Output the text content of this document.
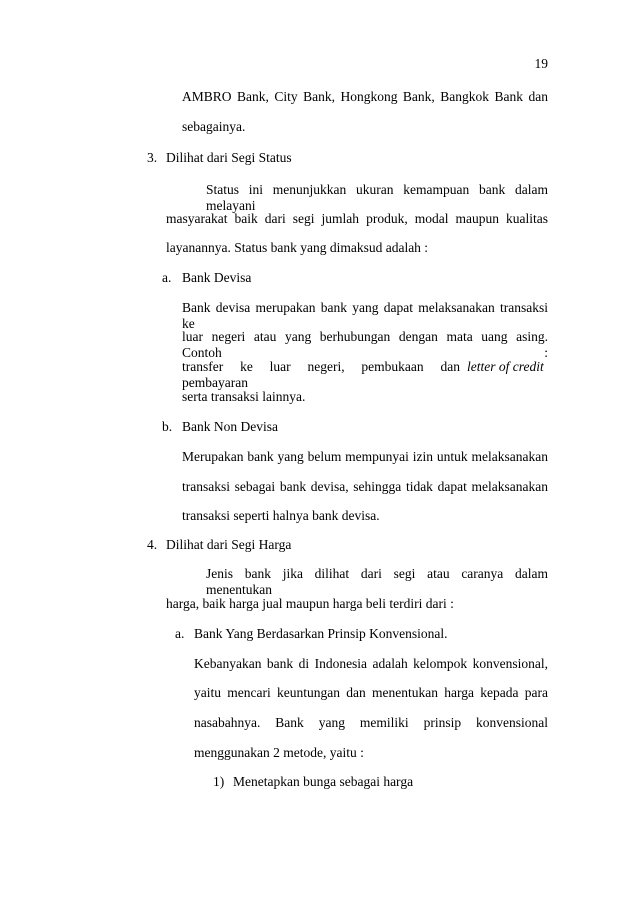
19
AMBRO Bank, City Bank, Hongkong Bank, Bangkok Bank dan
sebagainya.
3. Dilihat dari Segi Status
Status ini menunjukkan ukuran kemampuan bank dalam melayani
masyarakat baik dari segi jumlah produk, modal maupun kualitas
layanannya. Status bank yang dimaksud adalah :
a. Bank Devisa
Bank devisa merupakan bank yang dapat melaksanakan transaksi ke
luar negeri atau yang berhubungan dengan mata uang asing. Contoh :
transfer ke luar negeri, pembukaan dan pembayaran
letter of credit
serta transaksi lainnya.
b. Bank Non Devisa
Merupakan bank yang belum mempunyai izin untuk melaksanakan
transaksi sebagai bank devisa, sehingga tidak dapat melaksanakan
transaksi seperti halnya bank devisa.
4. Dilihat dari Segi Harga
Jenis bank jika dilihat dari segi atau caranya dalam menentukan
harga, baik harga jual maupun harga beli terdiri dari :
a. Bank Yang Berdasarkan Prinsip Konvensional.
Kebanyakan bank di Indonesia adalah kelompok konvensional,
yaitu mencari keuntungan dan menentukan harga kepada para
nasabahnya. Bank yang memiliki prinsip konvensional
menggunakan 2 metode, yaitu :
1) Menetapkan bunga sebagai harga
